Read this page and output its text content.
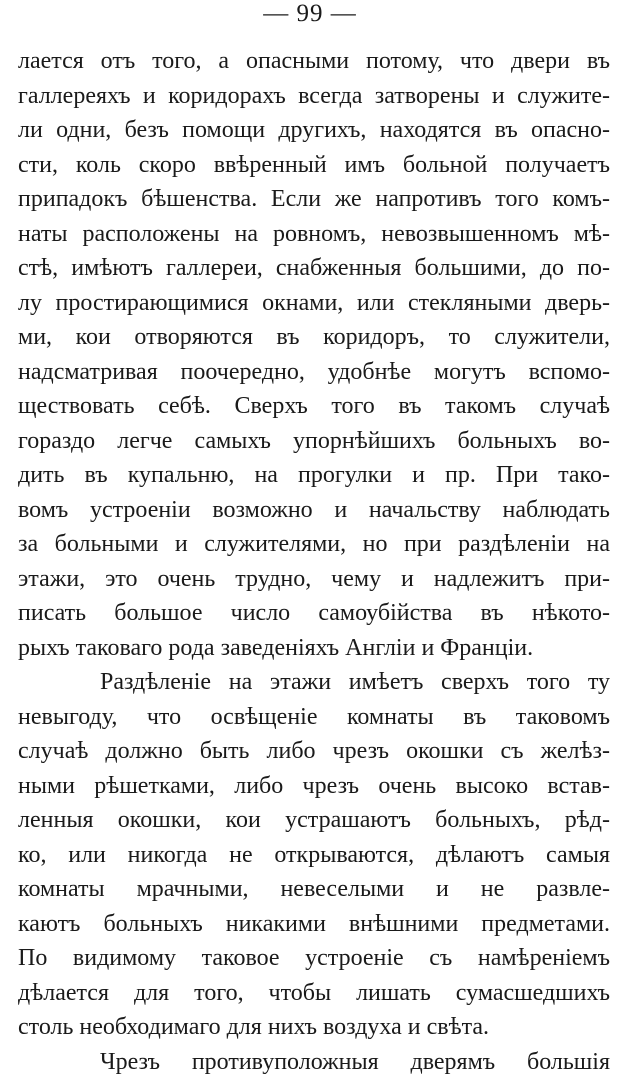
— 99 —
лается отъ того, а опасными потому, что двери въ
галлереяхъ и коридорахъ всегда затворены и служите-
ли одни, безъ помощи другихъ, находятся въ опасно-
сти, коль скоро ввѣренный имъ больной получаетъ
припадокъ бѣшенства. Если же напротивъ того комъ-
наты расположены на ровномъ, невозвышенномъ мѣ-
стѣ, имѣютъ галлереи, снабженныя большими, до по-
лу простирающимися окнами, или стекляными дверь-
ми, кои отворяются въ коридоръ, то служители,
надсматривая поочередно, удобнѣе могутъ вспомо-
ществовать себѣ. Сверхъ того въ такомъ случаѣ
гораздо легче самыхъ упорнѣйшихъ больныхъ во-
дить въ купальню, на прогулки и пр. При тако-
вомъ устроенiи возможно и начальству наблюдать
за больными и служителями, но при раздѣленiи на
этажи, это очень трудно, чему и надлежитъ при-
писать большое число самоубiйства въ нѣкото-
рыхъ таковаго рода заведенiяхъ Англiи и Францiи.
Раздѣленiе на этажи имѣетъ сверхъ того ту
невыгоду, что освѣщенiе комнаты въ таковомъ
случаѣ должно быть либо чрезъ окошки съ желѣз-
ными рѣшетками, либо чрезъ очень высоко встав-
ленныя окошки, кои устрашаютъ больныхъ, рѣд-
ко, или никогда не открываются, дѣлаютъ самыя
комнаты мрачными, невеселыми и не развле-
каютъ больныхъ никакими внѣшними предметами.
По видимому таковое устроенiе съ намѣренiемъ
дѣлается для того, чтобы лишать сумасшедшихъ
столь необходимаго для нихъ воздуха и свѣта.
Чрезъ противуположныя дверямъ большiя
